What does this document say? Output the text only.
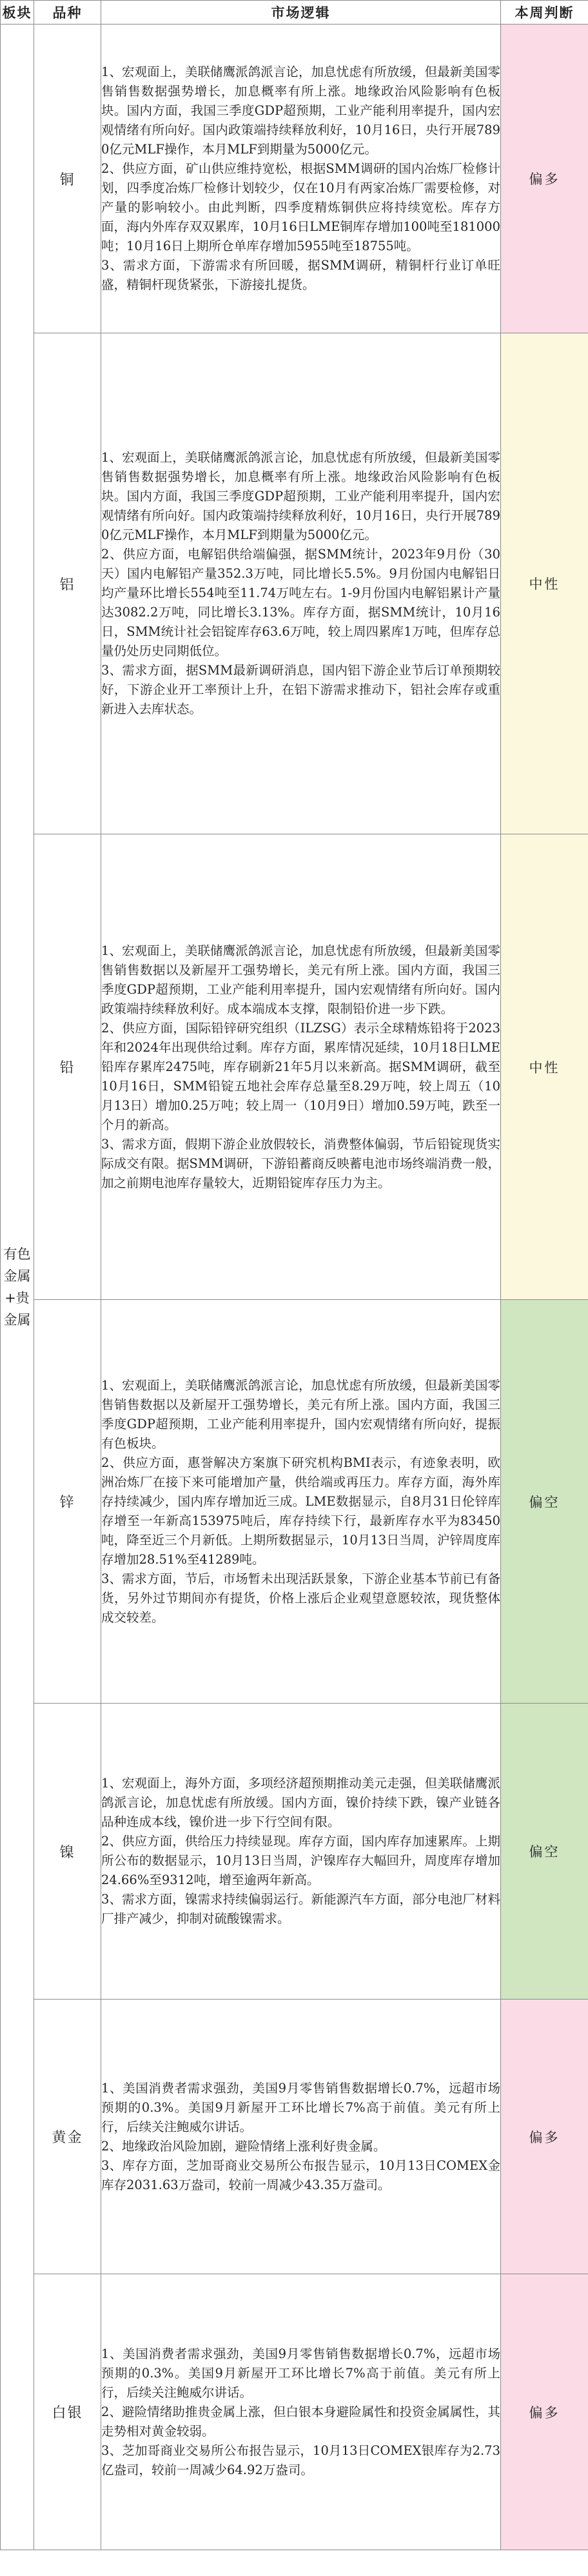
板块	品种	市场逻辑	本周判断
有色金属+贵金属	铜	1、宏观面上，美联储鹰派鸽派言论，加息忧虑有所放缓，但最新美国零售销售数据强势增长，加息概率有所上涨。地缘政治风险影响有色板块。国内方面，我国三季度GDP超预期，工业产能利用率提升，国内宏观情绪有所向好。国内政策端持续释放利好，10月16日，央行开展7890亿元MLF操作，本月MLF到期量为5000亿元。

2、供应方面，矿山供应维持宽松，根据SMM调研的国内冶炼厂检修计划，四季度冶炼厂检修计划较少，仅在10月有两家冶炼厂需要检修，对产量的影响较小。由此判断，四季度精炼铜供应将持续宽松。库存方面，海内外库存双双累库，10月16日LME铜库存增加100吨至181000吨；10月16日上期所仓单库存增加5955吨至18755吨。

3、需求方面，下游需求有所回暖，据SMM调研，精铜杆行业订单旺盛，精铜杆现货紧张，下游接扎提货。	偏多
	铝	1、宏观面上，美联储鹰派鸽派言论，加息忧虑有所放缓，但最新美国零售销售数据强势增长，加息概率有所上涨。地缘政治风险影响有色板块。国内方面，我国三季度GDP超预期，工业产能利用率提升，国内宏观情绪有所向好。国内政策端持续释放利好，10月16日，央行开展7890亿元MLF操作，本月MLF到期量为5000亿元。

2、供应方面，电解铝供给端偏强，据SMM统计，2023年9月份（30天）国内电解铝产量352.3万吨，同比增长5.5%。9月份国内电解铝日均产量环比增长554吨至11.74万吨左右。1-9月份国内电解铝累计产量达3082.2万吨，同比增长3.13%。库存方面，据SMM统计，10月16日，SMM统计社会铝锭库存63.6万吨，较上周四累库1万吨，但库存总量仍处历史同期低位。

3、需求方面，据SMM最新调研消息，国内铝下游企业节后订单预期较好，下游企业开工率预计上升，在铝下游需求推动下，铝社会库存或重新进入去库状态。	中性
	铅	1、宏观面上，美联储鹰派鸽派言论，加息忧虑有所放缓，但最新美国零售销售数据以及新屋开工强势增长，美元有所上涨。国内方面，我国三季度GDP超预期，工业产能利用率提升，国内宏观情绪有所向好。国内政策端持续释放利好。成本端成本支撑，限制铅价进一步下跌。

2、供应方面，国际铅锌研究组织（ILZSG）表示全球精炼铅将于2023年和2024年出现供给过剩。库存方面，累库情况延续，10月18日LME铅库存累库2475吨，库存刷新21年5月以来新高。据SMM调研，截至10月16日，SMM铅锭五地社会库存总量至8.29万吨，较上周五（10月13日）增加0.25万吨；较上周一（10月9日）增加0.59万吨，跌至一个月的新高。

3、需求方面，假期下游企业放假较长，消费整体偏弱，节后铅锭现货实际成交有限。据SMM调研，下游铅蓄商反映蓄电池市场终端消费一般，加之前期电池库存量较大，近期铅锭库存压力为主。	中性
	锌	1、宏观面上，美联储鹰派鸽派言论，加息忧虑有所放缓，但最新美国零售销售数据以及新屋开工强势增长，美元有所上涨。国内方面，我国三季度GDP超预期，工业产能利用率提升，国内宏观情绪有所向好，提振有色板块。

2、供应方面，惠誉解决方案旗下研究机构BMI表示，有迹象表明，欧洲冶炼厂在接下来可能增加产量，供给端或再压力。库存方面，海外库存持续减少，国内库存增加近三成。LME数据显示，自8月31日伦锌库存增至一年新高153975吨后，库存持续下行，最新库存水平为83450吨，降至近三个月新低。上期所数据显示，10月13日当周，沪锌周度库存增加28.51%至41289吨。

3、需求方面，节后，市场暂未出现活跃景象，下游企业基本节前已有备货，另外过节期间亦有提货，价格上涨后企业观望意愿较浓，现货整体成交较差。	偏空
	镍	1、宏观面上，海外方面，多项经济超预期推动美元走强，但美联储鹰派鸽派言论，加息忧虑有所放缓。国内方面，镍价持续下跌，镍产业链各品种连成本线，镍价进一步下行空间有限。

2、供应方面，供给压力持续显现。库存方面，国内库存加速累库。上期所公布的数据显示，10月13日当周，沪镍库存大幅回升，周度库存增加24.66%至9312吨，增至逾两年新高。

3、需求方面，镍需求持续偏弱运行。新能源汽车方面，部分电池厂材料厂排产减少，抑制对硫酸镍需求。	偏空
	黄金	1、美国消费者需求强劲，美国9月零售销售数据增长0.7%，远超市场预期的0.3%。美国9月新屋开工环比增长7%高于前值。美元有所上行，后续关注鲍威尔讲话。

2、地缘政治风险加剧，避险情绪上涨利好贵金属。

3、库存方面，芝加哥商业交易所公布报告显示，10月13日COMEX金库存2031.63万盎司，较前一周减少43.35万盎司。	偏多
	白银	1、美国消费者需求强劲，美国9月零售销售数据增长0.7%，远超市场预期的0.3%。美国9月新屋开工环比增长7%高于前值。美元有所上行，后续关注鲍威尔讲话。

2、避险情绪助推贵金属上涨，但白银本身避险属性和投资金属属性，其走势相对黄金较弱。

3、芝加哥商业交易所公布报告显示，10月13日COMEX银库存为2.73亿盎司，较前一周减少64.92万盎司。	偏多
